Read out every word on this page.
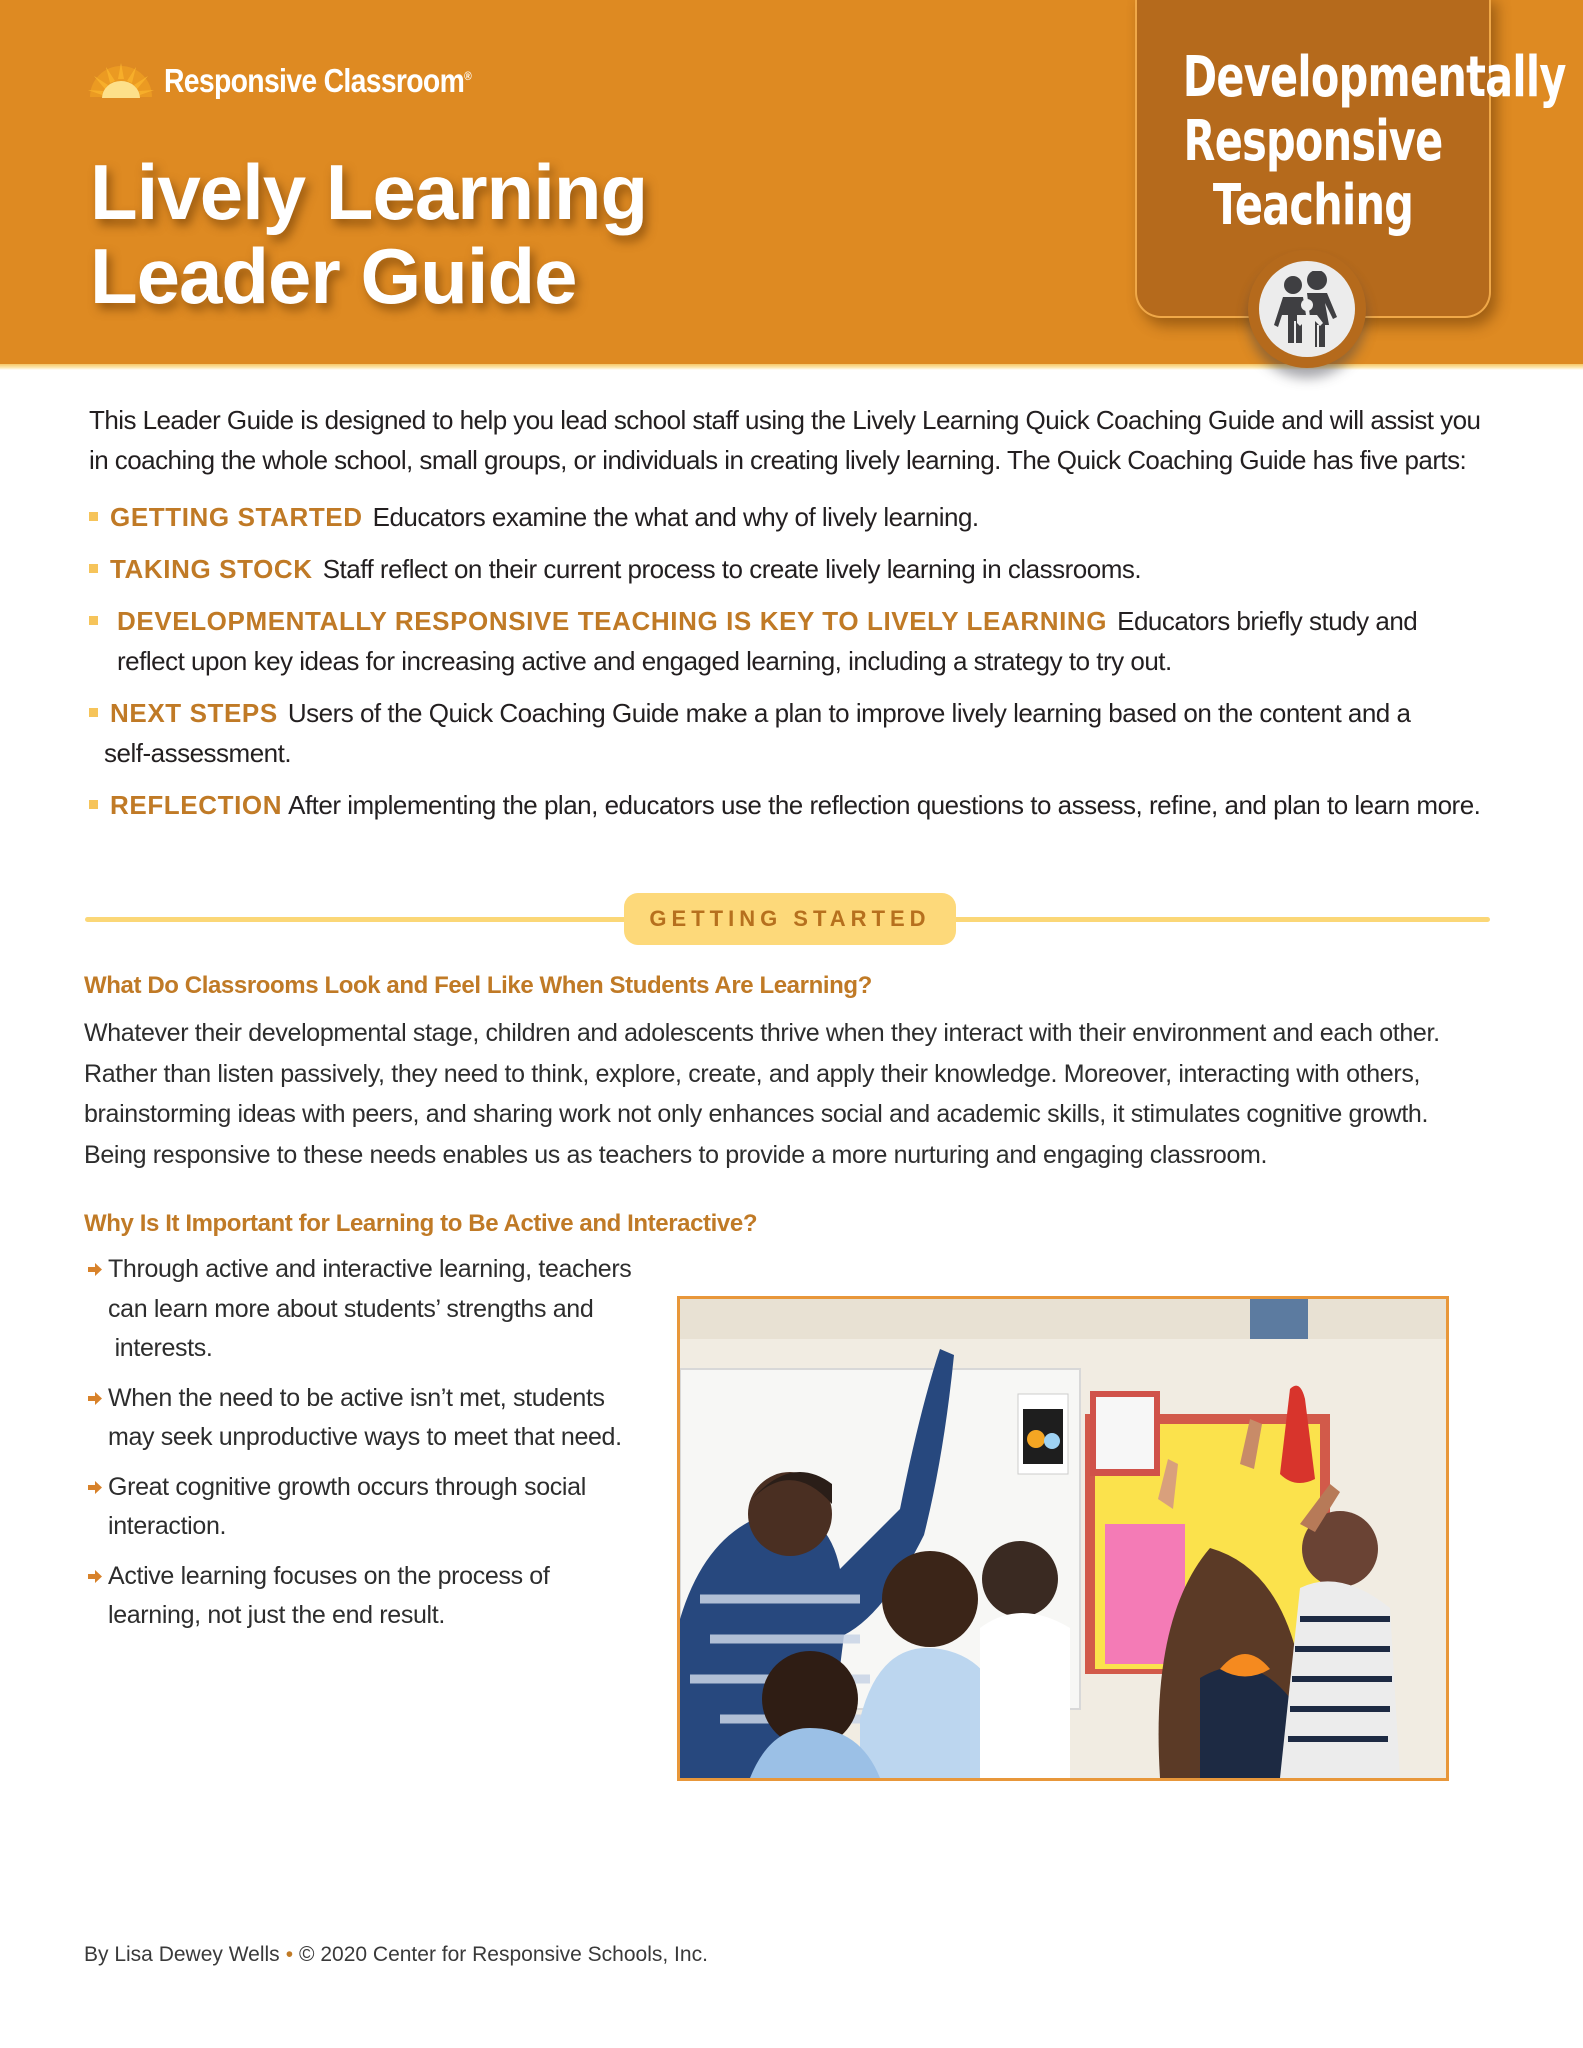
Responsive Classroom®
Lively Learning
Leader Guide
Developmentally
Responsive
Teaching
This Leader Guide is designed to help you lead school staff using the Lively Learning Quick Coaching Guide and will assist you
in coaching the whole school, small groups, or individuals in creating lively learning. The Quick Coaching Guide has five parts:
GETTING STARTED Educators examine the what and why of lively learning.
TAKING STOCK Staff reflect on their current process to create lively learning in classrooms.
DEVELOPMENTALLY RESPONSIVE TEACHING IS KEY TO LIVELY LEARNING Educators briefly study and
reflect upon key ideas for increasing active and engaged learning, including a strategy to try out.
NEXT STEPS Users of the Quick Coaching Guide make a plan to improve lively learning based on the content and a
self-assessment.
REFLECTION After implementing the plan, educators use the reflection questions to assess, refine, and plan to learn more.
GETTING STARTED
What Do Classrooms Look and Feel Like When Students Are Learning?
Whatever their developmental stage, children and adolescents thrive when they interact with their environment and each other.
Rather than listen passively, they need to think, explore, create, and apply their knowledge. Moreover, interacting with others,
brainstorming ideas with peers, and sharing work not only enhances social and academic skills, it stimulates cognitive growth.
Being responsive to these needs enables us as teachers to provide a more nurturing and engaging classroom.
Why Is It Important for Learning to Be Active and Interactive?
Through active and interactive learning, teachers
can learn more about students’ strengths and
interests.
When the need to be active isn’t met, students
may seek unproductive ways to meet that need.
Great cognitive growth occurs through social
interaction.
Active learning focuses on the process of
learning, not just the end result.
By Lisa Dewey Wells • © 2020 Center for Responsive Schools, Inc.
